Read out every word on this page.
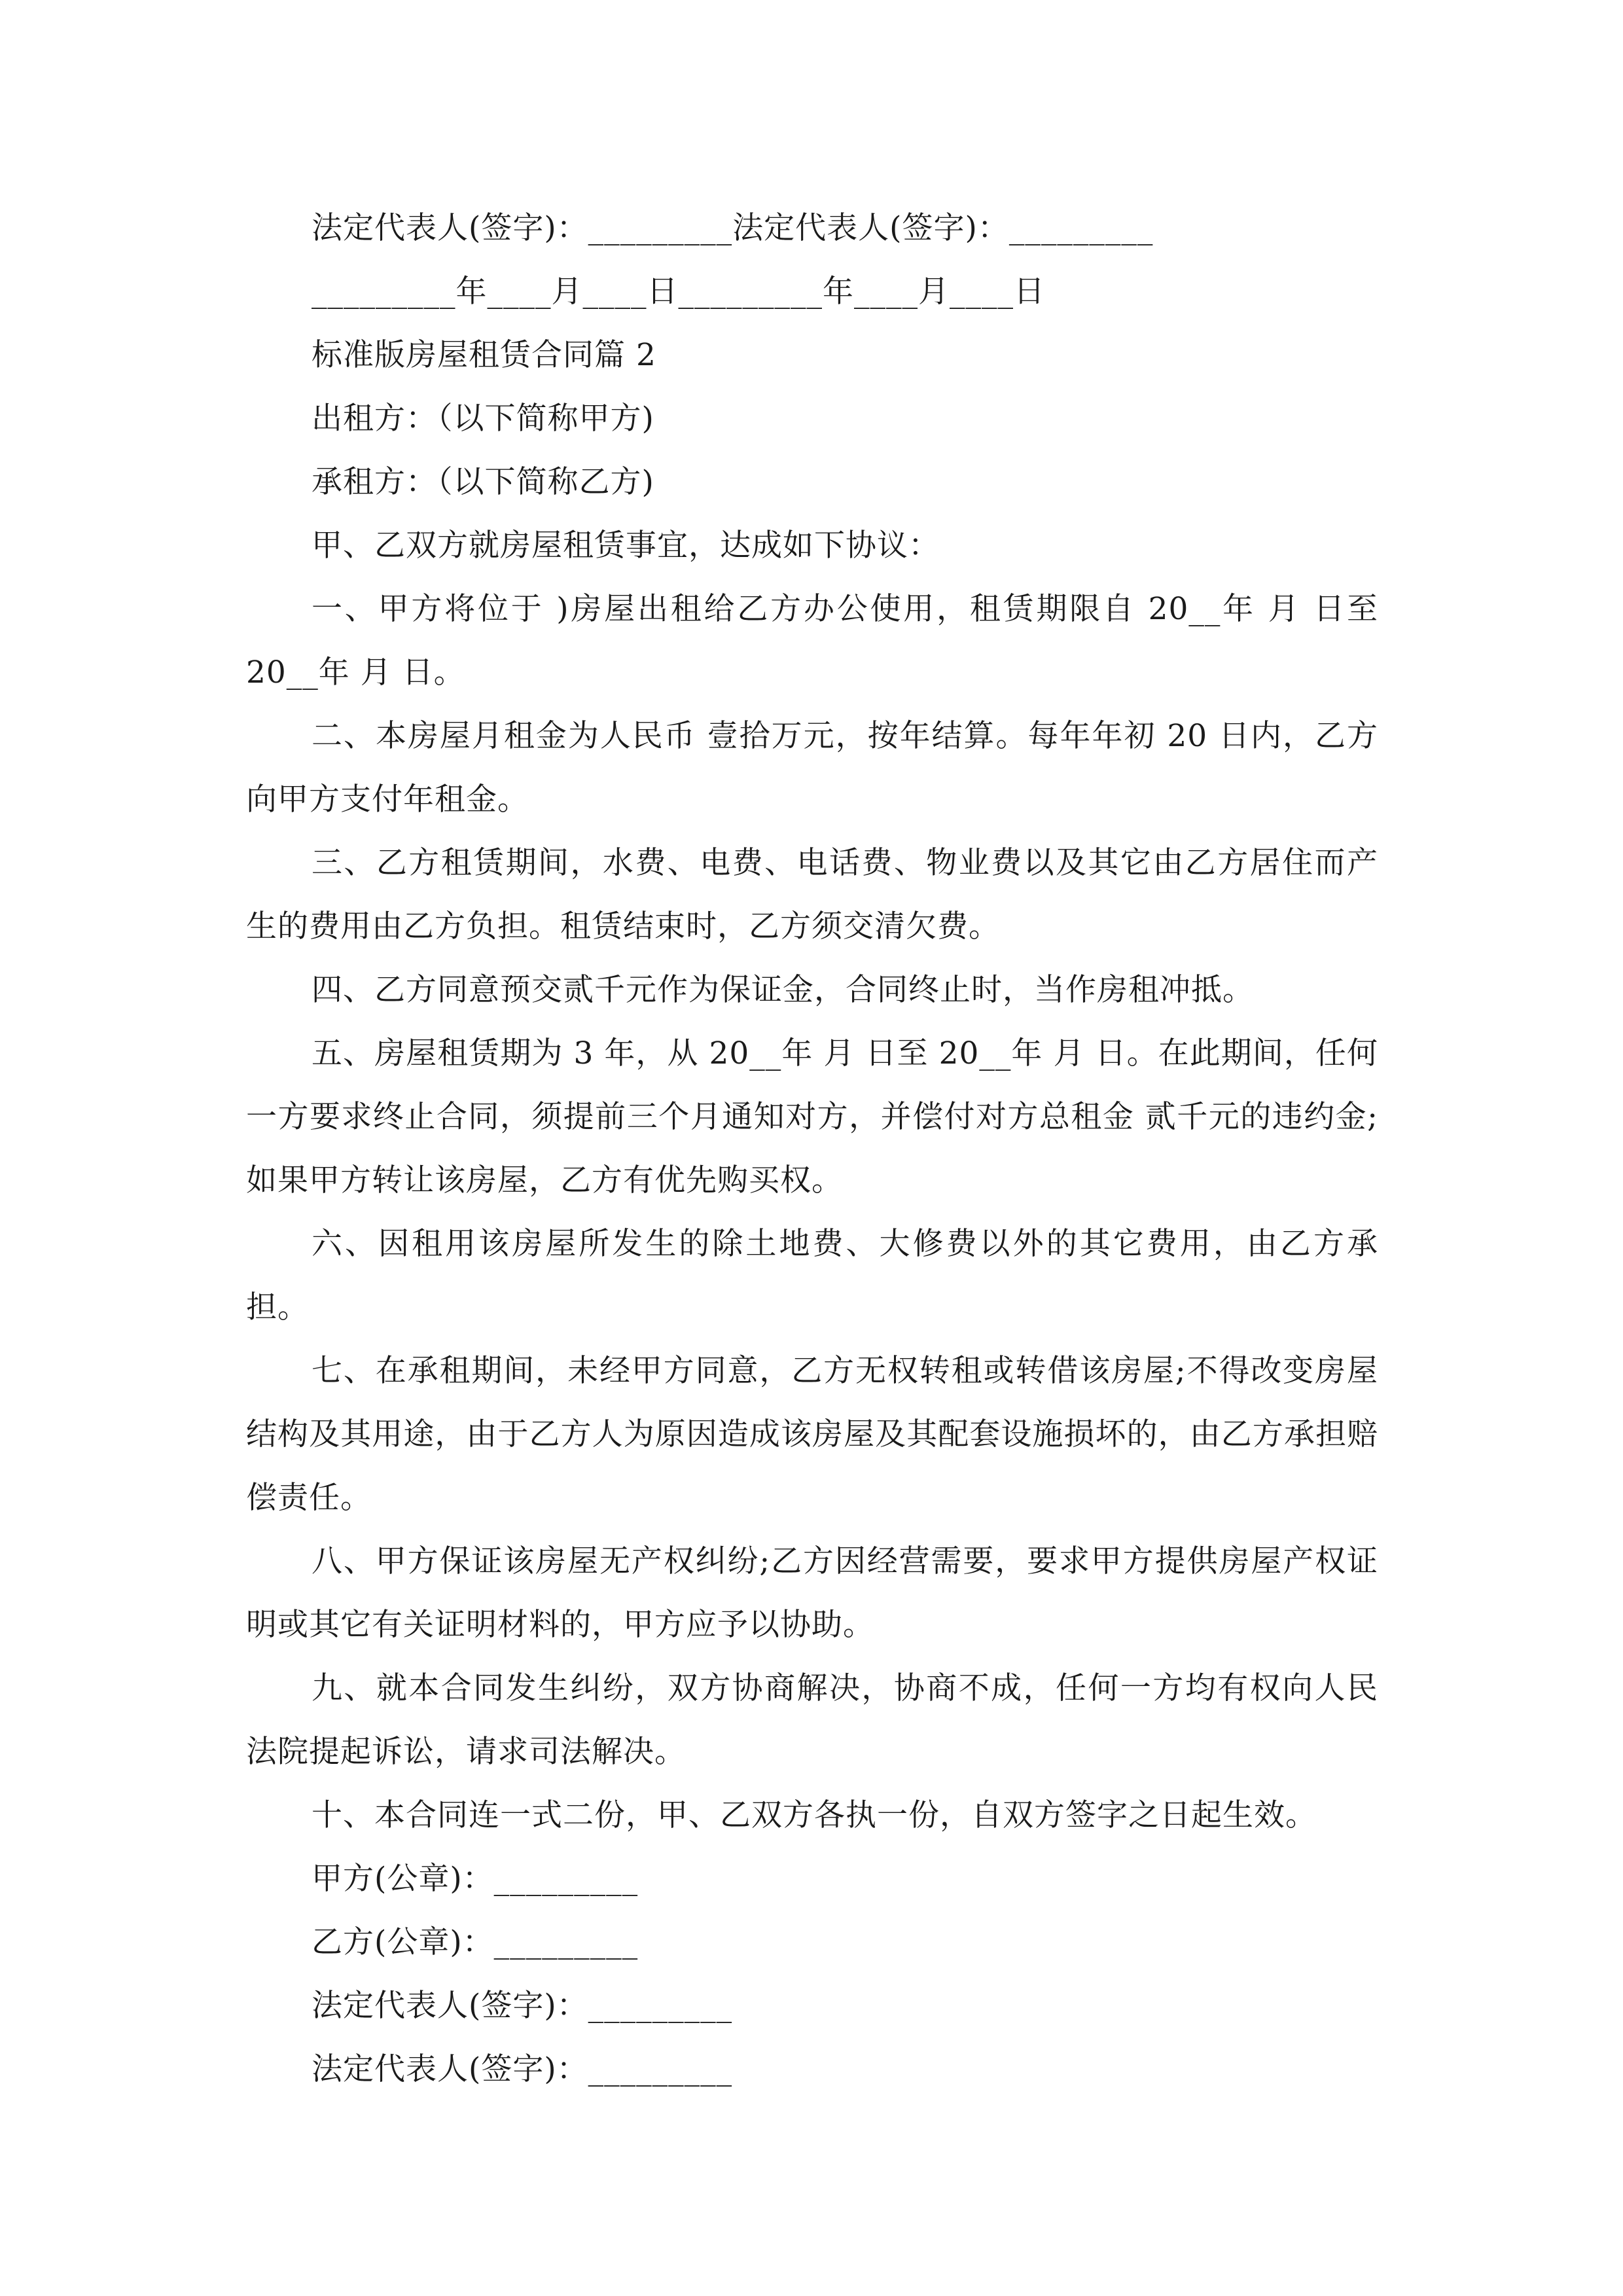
法定代表人(签字)：_________法定代表人(签字)：_________
_________年____月____日_________年____月____日
标准版房屋租赁合同篇 2
出租方：（以下简称甲方)
承租方：（以下简称乙方)
甲、乙双方就房屋租赁事宜，达成如下协议：
一、甲方将位于 )房屋出租给乙方办公使用，租赁期限自 20__年 月 日至 20__年 月 日。
二、本房屋月租金为人民币 壹拾万元，按年结算。每年年初 20 日内，乙方向甲方支付年租金。
三、乙方租赁期间，水费、电费、电话费、物业费以及其它由乙方居住而产生的费用由乙方负担。租赁结束时，乙方须交清欠费。
四、乙方同意预交贰千元作为保证金，合同终止时，当作房租冲抵。
五、房屋租赁期为 3 年，从 20__年 月 日至 20__年 月 日。在此期间，任何一方要求终止合同，须提前三个月通知对方，并偿付对方总租金 贰千元的违约金;如果甲方转让该房屋，乙方有优先购买权。
六、因租用该房屋所发生的除土地费、大修费以外的其它费用，由乙方承担。
七、在承租期间，未经甲方同意，乙方无权转租或转借该房屋;不得改变房屋结构及其用途，由于乙方人为原因造成该房屋及其配套设施损坏的，由乙方承担赔偿责任。
八、甲方保证该房屋无产权纠纷;乙方因经营需要，要求甲方提供房屋产权证明或其它有关证明材料的，甲方应予以协助。
九、就本合同发生纠纷，双方协商解决，协商不成，任何一方均有权向人民法院提起诉讼，请求司法解决。
十、本合同连一式二份，甲、乙双方各执一份，自双方签字之日起生效。
甲方(公章)：_________
乙方(公章)：_________
法定代表人(签字)：_________
法定代表人(签字)：_________
